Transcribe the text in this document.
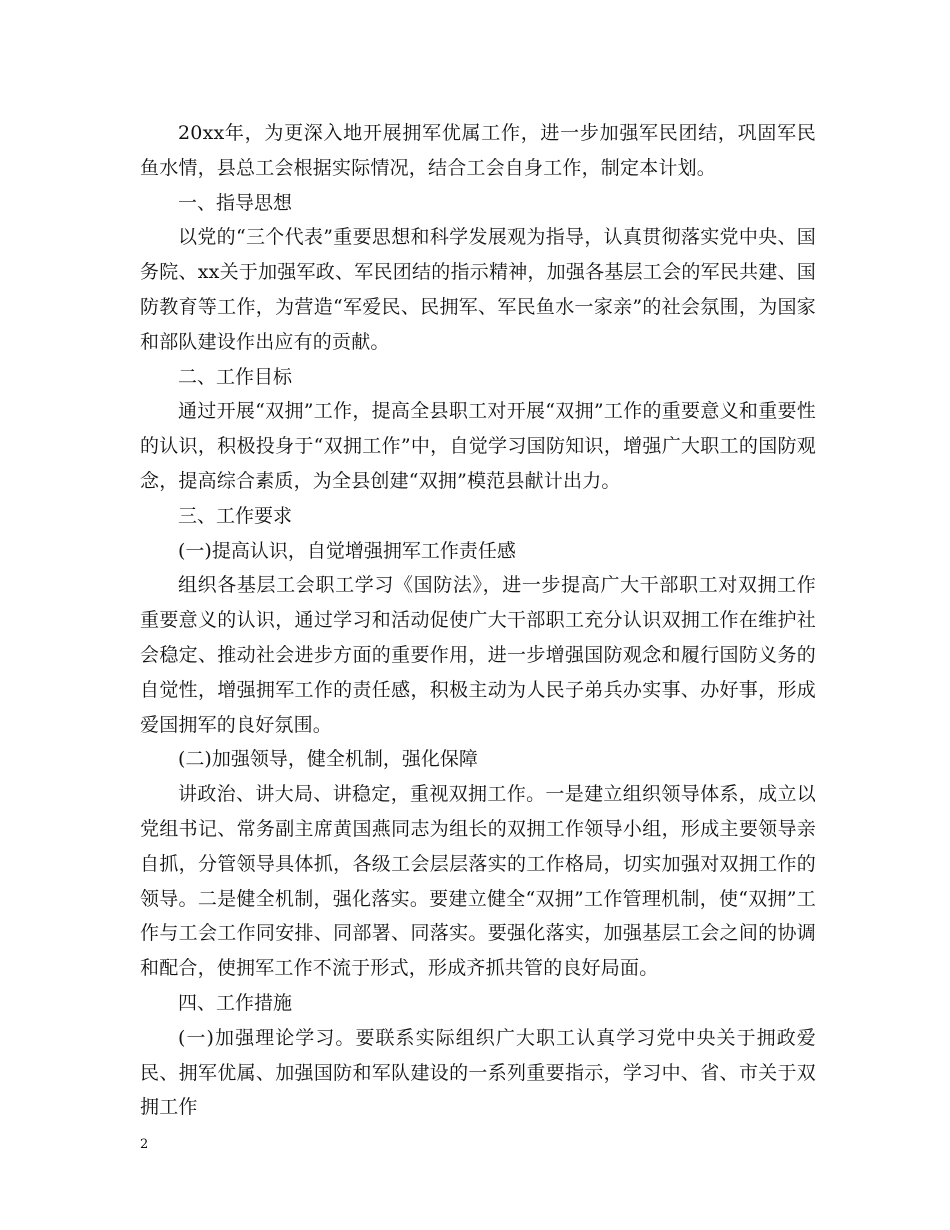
20xx年，为更深入地开展拥军优属工作，进一步加强军民团结，巩固军民鱼水情，县总工会根据实际情况，结合工会自身工作，制定本计划。

一、指导思想

以党的“三个代表”重要思想和科学发展观为指导，认真贯彻落实党中央、国务院、xx关于加强军政、军民团结的指示精神，加强各基层工会的军民共建、国防教育等工作，为营造“军爱民、民拥军、军民鱼水一家亲”的社会氛围，为国家和部队建设作出应有的贡献。

二、工作目标

通过开展“双拥”工作，提高全县职工对开展“双拥”工作的重要意义和重要性的认识，积极投身于“双拥工作”中，自觉学习国防知识，增强广大职工的国防观念，提高综合素质，为全县创建“双拥”模范县献计出力。

三、工作要求

(一)提高认识，自觉增强拥军工作责任感

组织各基层工会职工学习《国防法》，进一步提高广大干部职工对双拥工作重要意义的认识，通过学习和活动促使广大干部职工充分认识双拥工作在维护社会稳定、推动社会进步方面的重要作用，进一步增强国防观念和履行国防义务的自觉性，增强拥军工作的责任感，积极主动为人民子弟兵办实事、办好事，形成爱国拥军的良好氛围。

(二)加强领导，健全机制，强化保障

讲政治、讲大局、讲稳定，重视双拥工作。一是建立组织领导体系，成立以党组书记、常务副主席黄国燕同志为组长的双拥工作领导小组，形成主要领导亲自抓，分管领导具体抓，各级工会层层落实的工作格局，切实加强对双拥工作的领导。二是健全机制，强化落实。要建立健全“双拥”工作管理机制，使“双拥”工作与工会工作同安排、同部署、同落实。要强化落实，加强基层工会之间的协调和配合，使拥军工作不流于形式，形成齐抓共管的良好局面。

四、工作措施

(一)加强理论学习。要联系实际组织广大职工认真学习党中央关于拥政爱民、拥军优属、加强国防和军队建设的一系列重要指示，学习中、省、市关于双拥工作

2
